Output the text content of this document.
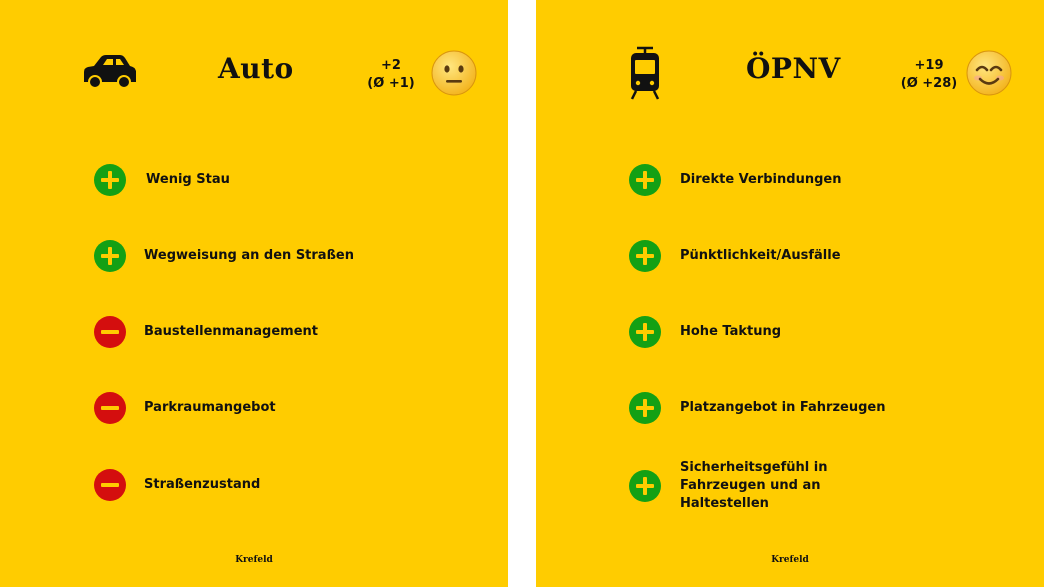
Auto	+2
(Ø +1)
Wenig Stau
Wegweisung an den Straßen
Baustellenmanagement
Parkraumangebot
Straßenzustand
Krefeld
ÖPNV	+19
(Ø +28)
Direkte Verbindungen
Pünktlichkeit/Ausfälle
Hohe Taktung
Platzangebot in Fahrzeugen
Sicherheitsgefühl in Fahrzeugen und an Haltestellen
Krefeld
